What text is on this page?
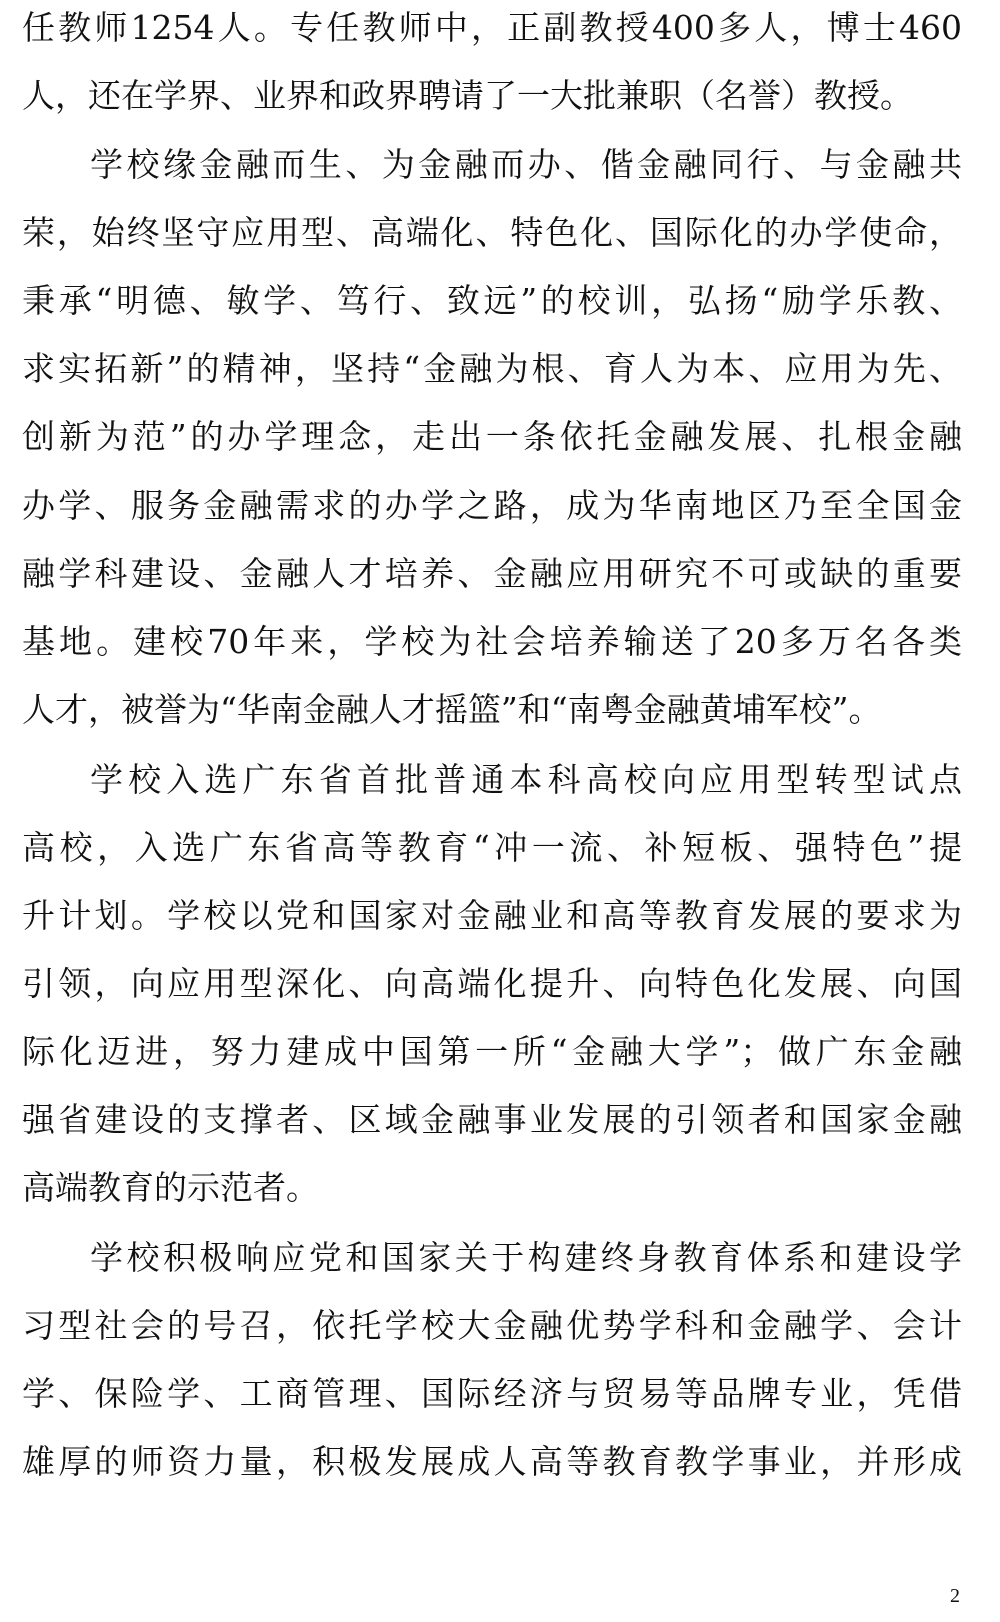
任教师1254人。专任教师中，正副教授400多人，博士460
人，还在学界、业界和政界聘请了一大批兼职（名誉）教授。
学校缘金融而生、为金融而办、偕金融同行、与金融共
荣，始终坚守应用型、高端化、特色化、国际化的办学使命，
秉承“明德、敏学、笃行、致远”的校训，弘扬“励学乐教、
求实拓新”的精神，坚持“金融为根、育人为本、应用为先、
创新为范”的办学理念，走出一条依托金融发展、扎根金融
办学、服务金融需求的办学之路，成为华南地区乃至全国金
融学科建设、金融人才培养、金融应用研究不可或缺的重要
基地。建校70年来，学校为社会培养输送了20多万名各类
人才，被誉为“华南金融人才摇篮”和“南粤金融黄埔军校”。
学校入选广东省首批普通本科高校向应用型转型试点
高校，入选广东省高等教育“冲一流、补短板、强特色”提
升计划。学校以党和国家对金融业和高等教育发展的要求为
引领，向应用型深化、向高端化提升、向特色化发展、向国
际化迈进，努力建成中国第一所“金融大学”；做广东金融
强省建设的支撑者、区域金融事业发展的引领者和国家金融
高端教育的示范者。
学校积极响应党和国家关于构建终身教育体系和建设学
习型社会的号召，依托学校大金融优势学科和金融学、会计
学、保险学、工商管理、国际经济与贸易等品牌专业，凭借
雄厚的师资力量，积极发展成人高等教育教学事业，并形成
2
